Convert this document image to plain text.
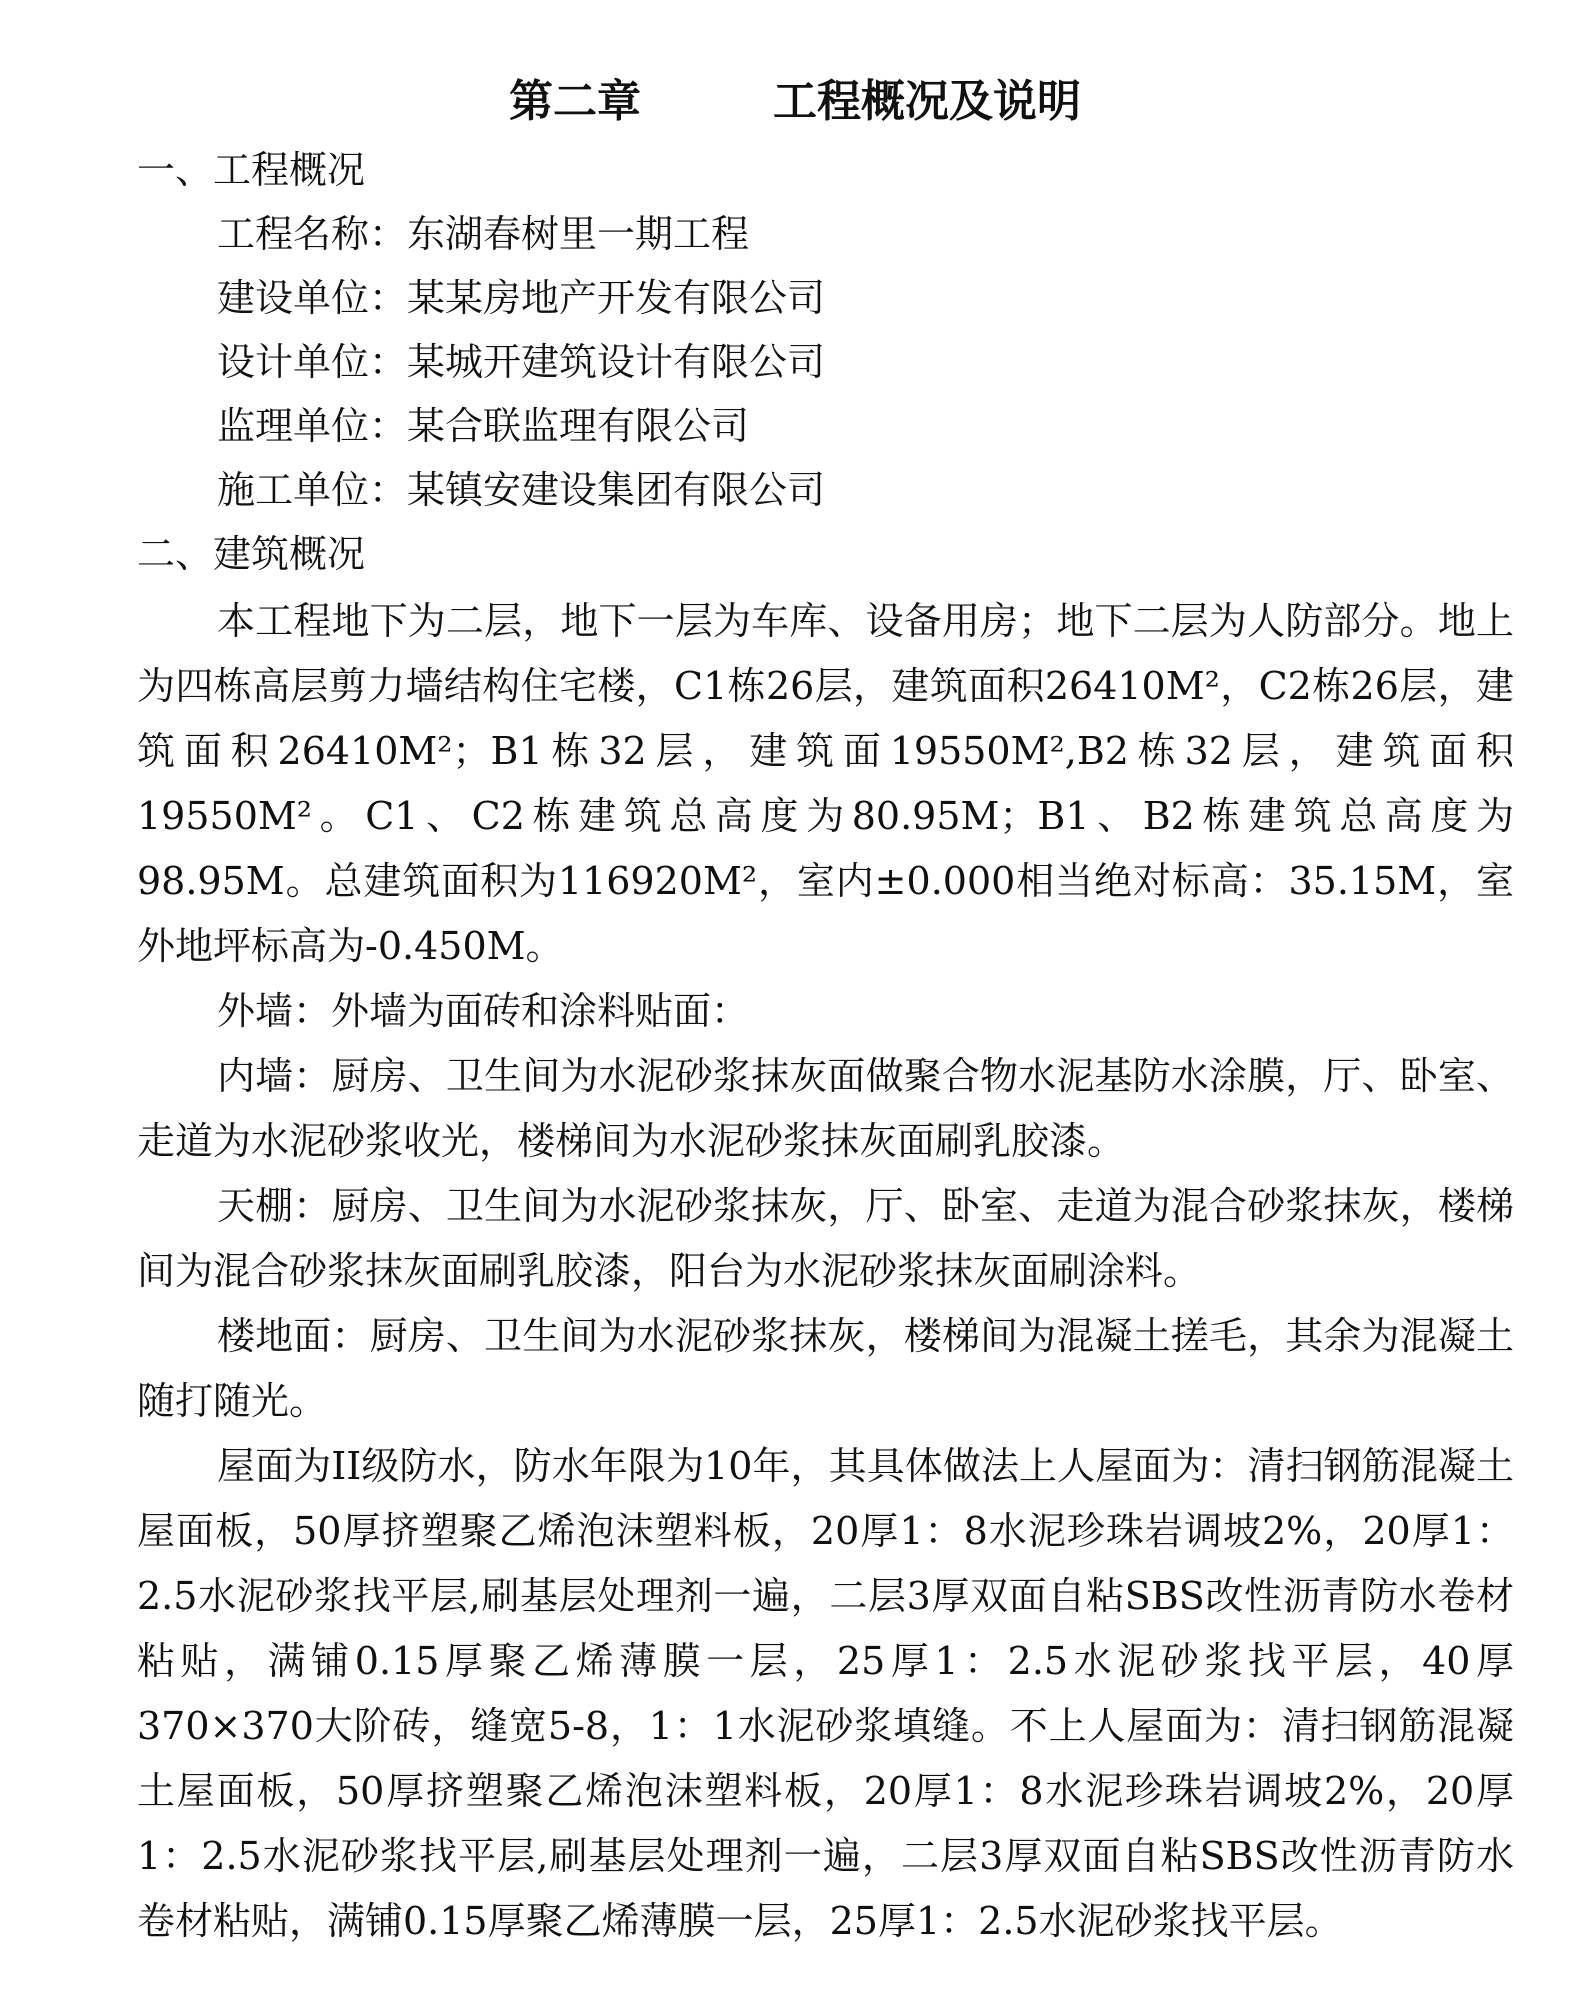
第二章　　　工程概况及说明

一、工程概况

工程名称：东湖春树里一期工程

建设单位：某某房地产开发有限公司

设计单位：某城开建筑设计有限公司

监理单位：某合联监理有限公司

施工单位：某镇安建设集团有限公司

二、建筑概况

本工程地下为二层，地下一层为车库、设备用房；地下二层为人防部分。地上为四栋高层剪力墙结构住宅楼，C1栋26层，建筑面积26410M²，C2栋26层，建筑面积26410M²；B1栋32层，建筑面19550M²,B2栋32层，建筑面积19550M²。C1、C2栋建筑总高度为80.95M；B1、B2栋建筑总高度为98.95M。总建筑面积为116920M²，室内±0.000相当绝对标高：35.15M，室外地坪标高为-0.450M。

外墙：外墙为面砖和涂料贴面：

内墙：厨房、卫生间为水泥砂浆抹灰面做聚合物水泥基防水涂膜，厅、卧室、走道为水泥砂浆收光，楼梯间为水泥砂浆抹灰面刷乳胶漆。

天棚：厨房、卫生间为水泥砂浆抹灰，厅、卧室、走道为混合砂浆抹灰，楼梯间为混合砂浆抹灰面刷乳胶漆，阳台为水泥砂浆抹灰面刷涂料。

楼地面：厨房、卫生间为水泥砂浆抹灰，楼梯间为混凝土搓毛，其余为混凝土随打随光。

屋面为II级防水，防水年限为10年，其具体做法上人屋面为：清扫钢筋混凝土屋面板，50厚挤塑聚乙烯泡沫塑料板，20厚1：8水泥珍珠岩调坡2%，20厚1：2.5水泥砂浆找平层,刷基层处理剂一遍，二层3厚双面自粘SBS改性沥青防水卷材粘贴，满铺0.15厚聚乙烯薄膜一层，25厚1：2.5水泥砂浆找平层，40厚370×370大阶砖，缝宽5-8，1：1水泥砂浆填缝。不上人屋面为：清扫钢筋混凝土屋面板，50厚挤塑聚乙烯泡沫塑料板，20厚1：8水泥珍珠岩调坡2%，20厚1：2.5水泥砂浆找平层,刷基层处理剂一遍，二层3厚双面自粘SBS改性沥青防水卷材粘贴，满铺0.15厚聚乙烯薄膜一层，25厚1：2.5水泥砂浆找平层。
